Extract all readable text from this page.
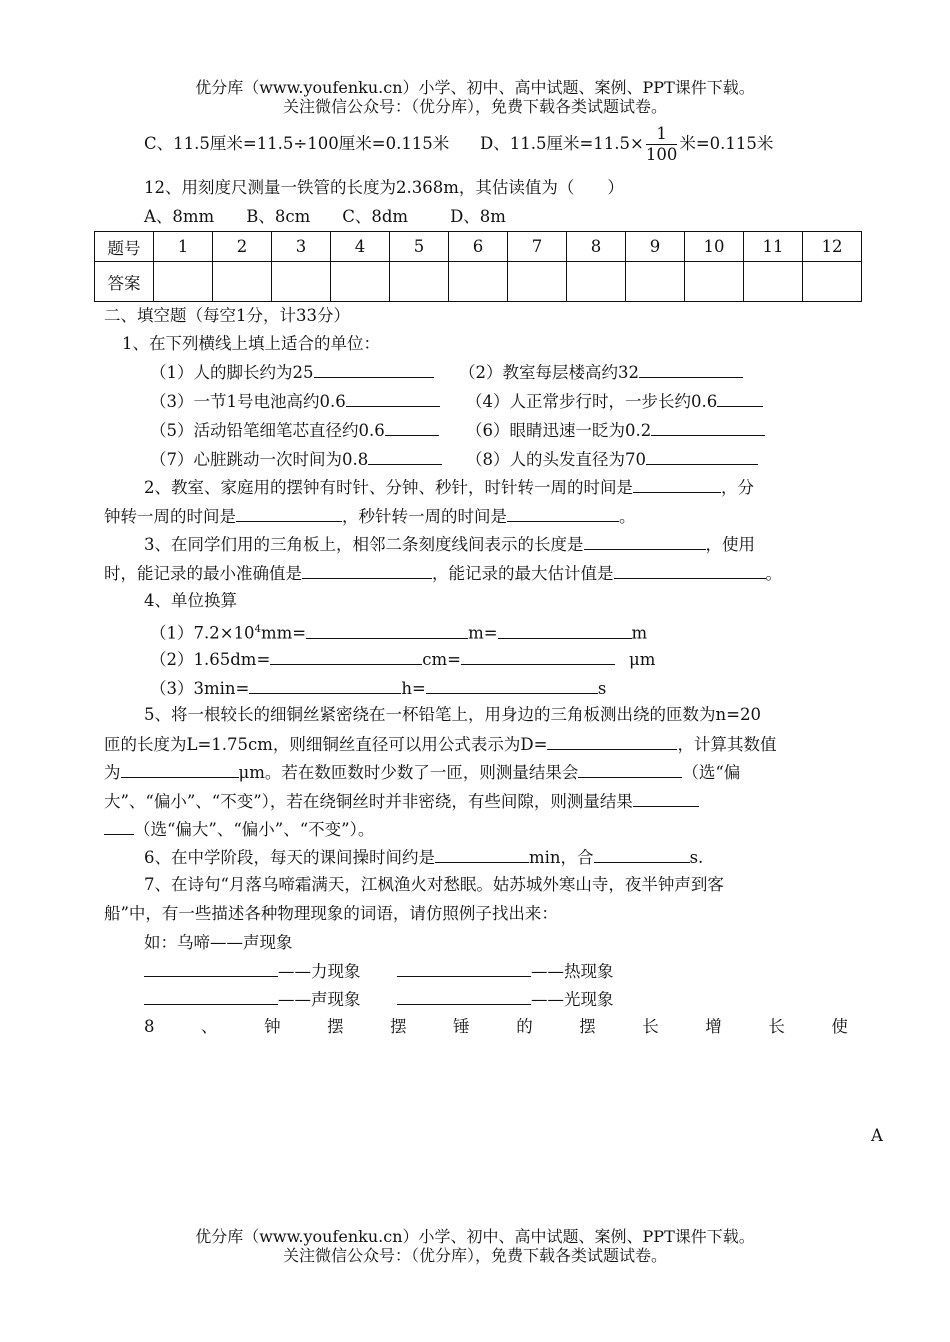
优分库（www.youfenku.cn）小学、初中、高中试题、案例、PPT课件下载。
关注微信公众号：（优分库），免费下载各类试题试卷。
C、11.5厘米=11.5÷100厘米=0.115米 D、11.5厘米$=11.5\times \frac{1}{100}$ 米=0.115米
12、用刻度尺测量一铁管的长度为2.368m，其估读值为（　　）
A、8mm B、8cm C、8dm	D、8m
题号	1	2	3	4	5	6	7	8	9	10	11	12
答案												
二、填空题（每空1分，计33分）
1、在下列横线上填上适合的单位：
（1）人的脚长约为25	（2）教室每层楼高约32
（3）一节1号电池高约0.6	（4）人正常步行时，一步长约0.6
（5）活动铅笔细笔芯直径约0.6	（6）眼睛迅速一眨为0.2
（7）心脏跳动一次时间为0.8	（8）人的头发直径为70
2、教室、家庭用的摆钟有时针、分钟、秒针，时针转一周的时间是	，分
钟转一周的时间是	，秒针转一周的时间是	。
3、在同学们用的三角板上，相邻二条刻度线间表示的长度是	，使用
时，能记录的最小准确值是	，能记录的最大估计值是	。
4、单位换算
$(1)7.2\times 10^4mm=$	m=	m
（2）1.65dm=	cm=	μm
（3）3min=	h=	s
5、将一根较长的细铜丝紧密绕在一杯铅笔上，用身边的三角板测出绕的匝数为n=20
匝的长度为L=1.75cm，则细铜丝直径可以用公式表示为D=	，计算其数值
为	μm。若在数匝数时少数了一匝，则测量结果会	（选“偏
大”、“偏小”、“不变”），若在绕铜丝时并非密绕，有些间隙，则测量结果
（选“偏大”、“偏小”、“不变”）。
6、在中学阶段，每天的课间操时间约是	min，合	s.
7、在诗句“月落乌啼霜满天，江枫渔火对愁眠。姑苏城外寒山寺，夜半钟声到客
船”中，有一些描述各种物理现象的词语，请仿照例子找出来：
如：乌啼——声现象
——力现象	——热现象
——声现象	——光现象
8	、	钟	摆	摆	锤	的	摆	长	增	长	使
A
优分库（www.youfenku.cn）小学、初中、高中试题、案例、PPT课件下载。
关注微信公众号：（优分库），免费下载各类试题试卷。
